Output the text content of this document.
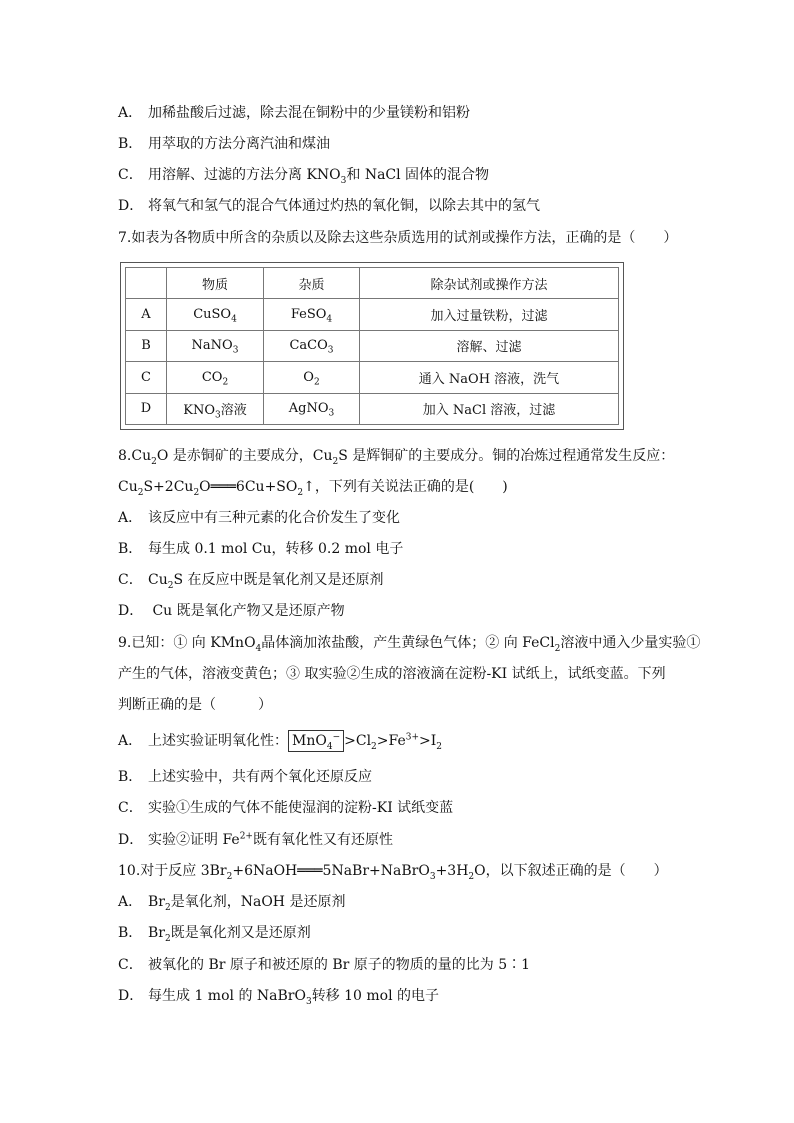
A． 加稀盐酸后过滤，除去混在铜粉中的少量镁粉和铝粉
B． 用萃取的方法分离汽油和煤油
C． 用溶解、过滤的方法分离 $KNO_3$和 NaCl 固体的混合物
D． 将氧气和氢气的混合气体通过灼热的氧化铜，以除去其中的氢气
7.如表为各物质中所含的杂质以及除去这些杂质选用的试剂或操作方法，正确的是（　　）
	物质	杂质	除杂试剂或操作方法
A	CuSO$_4$	FeSO$_4$	加入过量铁粉，过滤
B	NaNO$_3$	CaCO$_3$	溶解、过滤
C	$CO_2$	$O_2$	通入 NaOH 溶液，洗气
D	$KNO_3$溶液	AgNO$_3$	加入 NaCl 溶液，过滤
$8.Cu_2O$ 是赤铜矿的主要成分，$Cu_2S$ 是辉铜矿的主要成分。铜的冶炼过程通常发生反应：
$Cu_2S+2Cu_2O═══6Cu+SO_2↑$，下列有关说法正确的是(　　)
A． 该反应中有三种元素的化合价发生了变化
B． 每生成 0.1 mol Cu，转移 0.2 mol 电子
C． $Cu_2S$ 在反应中既是氧化剂又是还原剂
D． Cu 既是氧化产物又是还原产物
9.已知：① 向 KMnO$_4$晶体滴加浓盐酸，产生黄绿色气体；② 向 FeCl$_2$溶液中通入少量实验①
产生的气体，溶液变黄色；③ 取实验②生成的溶液滴在淀粉-KI 试纸上，试纸变蓝。下列
判断正确的是（　　　）
A． 上述实验证明氧化性： $MnO_4^- >Cl_2>Fe^{3+}>I_2$
B． 上述实验中，共有两个氧化还原反应
C． 实验①生成的气体不能使湿润的淀粉-KI 试纸变蓝
D． 实验②证明 $Fe^{2+}$既有氧化性又有还原性
10.对于反应 $3Br_2+6NaOH═══5NaBr+NaBrO_3+3H_2O$，以下叙述正确的是（　　）
A． $Br_2$是氧化剂，NaOH 是还原剂
B． $Br_2$既是氧化剂又是还原剂
C． 被氧化的 Br 原子和被还原的 Br 原子的物质的量的比为 5∶1
D． 每生成 1 mol 的 NaBrO$_3$转移 10 mol 的电子
